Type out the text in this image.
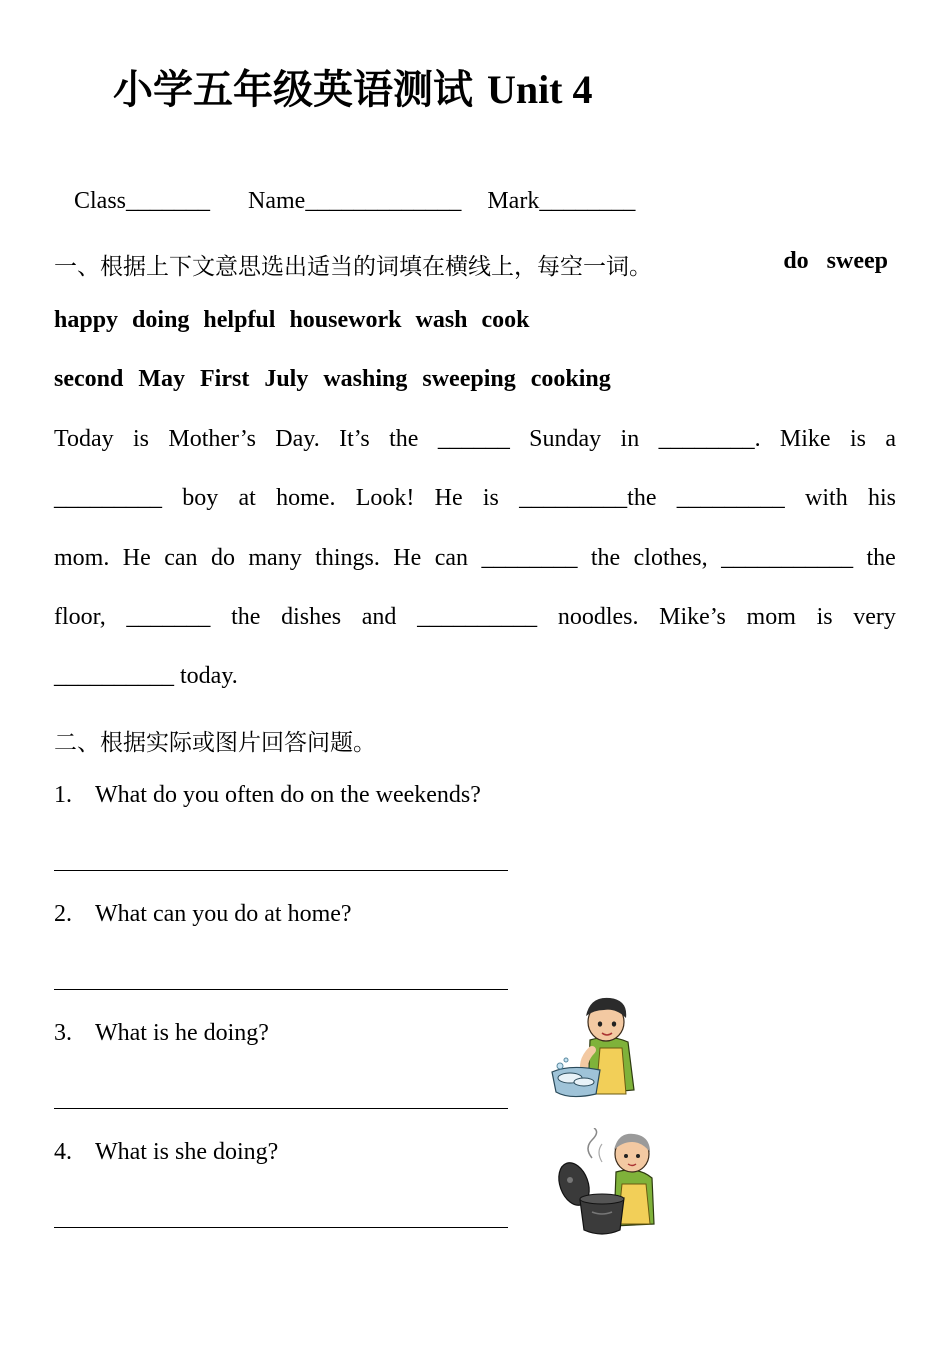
小学五年级英语测试 Unit 4
Class_______ Name_____________ Mark________
一、根据上下文意思选出适当的词填在横线上，每空一词。	do sweep
happy doing helpful housework wash cook
second May First July washing sweeping cooking
Today is Mother’s Day. It’s the ______ Sunday in ________. Mike is a
_________ boy at home. Look! He is _________the _________ with his
mom. He can do many things. He can ________ the clothes, ___________ the
floor, _______ the dishes and __________ noodles. Mike’s mom is very
__________ today.
二、根据实际或图片回答问题。
1. What do you often do on the weekends?
2. What can you do at home?
3. What is he doing?
4. What is she doing?
